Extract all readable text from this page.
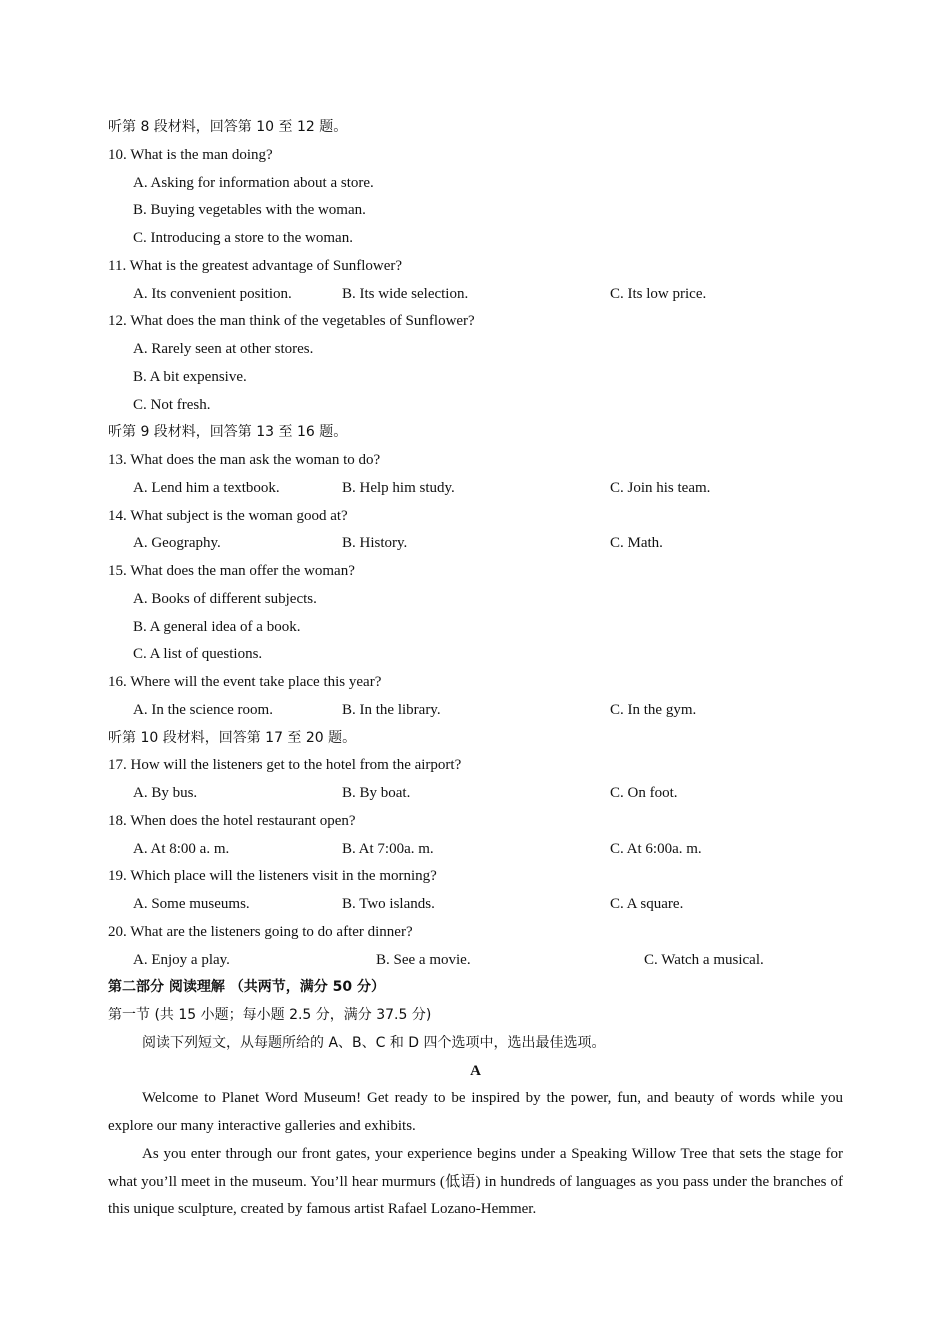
听第 8 段材料，回答第 10 至 12 题。
10. What is the man doing?
A. Asking for information about a store.
B. Buying vegetables with the woman.
C. Introducing a store to the woman.
11. What is the greatest advantage of Sunflower?
A. Its convenient position.	B. Its wide selection.	C. Its low price.
12. What does the man think of the vegetables of Sunflower?
A. Rarely seen at other stores.
B. A bit expensive.
C. Not fresh.
听第 9 段材料，回答第 13 至 16 题。
13. What does the man ask the woman to do?
A. Lend him a textbook.	B. Help him study.	C. Join his team.
14. What subject is the woman good at?
A. Geography.	B. History.	C. Math.
15. What does the man offer the woman?
A. Books of different subjects.
B. A general idea of a book.
C. A list of questions.
16. Where will the event take place this year?
A. In the science room.	B. In the library.	C. In the gym.
听第 10 段材料，回答第 17 至 20 题。
17. How will the listeners get to the hotel from the airport?
A. By bus.	B. By boat.	C. On foot.
18. When does the hotel restaurant open?
A. At 8:00 a. m.	B. At 7:00a. m.	C. At 6:00a. m.
19. Which place will the listeners visit in the morning?
A. Some museums.	B. Two islands.	C. A square.
20. What are the listeners going to do after dinner?
A. Enjoy a play.	B. See a movie.	C. Watch a musical.
第二部分 阅读理解 （共两节，满分 50 分）
第一节 (共 15 小题；每小题 2.5 分，满分 37.5 分)
阅读下列短文，从每题所给的 A、B、C 和 D 四个选项中，选出最佳选项。
A

Welcome to Planet Word Museum! Get ready to be inspired by the power, fun, and beauty of words while you explore our many interactive galleries and exhibits.

As you enter through our front gates, your experience begins under a Speaking Willow Tree that sets the stage for what you’ll meet in the museum. You’ll hear murmurs (低语) in hundreds of languages as you pass under the branches of this unique sculpture, created by famous artist Rafael Lozano-Hemmer.
